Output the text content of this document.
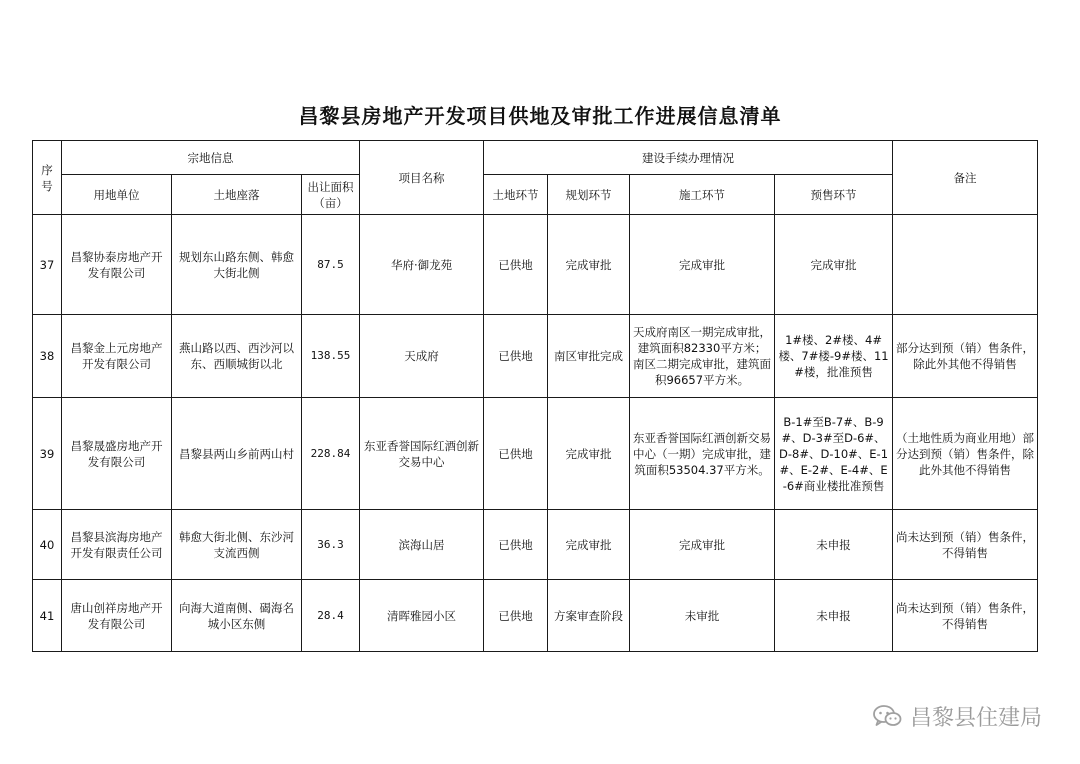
昌黎县房地产开发项目供地及审批工作进展信息清单
序号	宗地信息			项目名称	建设手续办理情况				备注
	用地单位	土地座落	出让面积（亩）		土地环节	规划环节	施工环节	预售环节	
37	昌黎协泰房地产开发有限公司	规划东山路东侧、韩愈大街北侧	87.5	华府·御龙苑	已供地	完成审批	完成审批	完成审批	
38	昌黎金上元房地产开发有限公司	燕山路以西、西沙河以东、西顺城街以北	138.55	天成府	已供地	南区审批完成	天成府南区一期完成审批，建筑面积82330平方米；南区二期完成审批，建筑面积96657平方米。	1#楼、2#楼、4#楼、7#楼-9#楼、11#楼，批准预售	部分达到预（销）售条件，除此外其他不得销售
39	昌黎晟盛房地产开发有限公司	昌黎县两山乡前两山村	228.84	东亚香誉国际红酒创新交易中心	已供地	完成审批	东亚香誉国际红酒创新交易中心（一期）完成审批，建筑面积53504.37平方米。	B-1#至B-7#、B-9#、D-3#至D-6#、D-8#、D-10#、E-1#、E-2#、E-4#、E-6#商业楼批准预售	（土地性质为商业用地）部分达到预（销）售条件，除此外其他不得销售
40	昌黎县滨海房地产开发有限责任公司	韩愈大街北侧、东沙河支流西侧	36.3	滨海山居	已供地	完成审批	完成审批	未申报	尚未达到预（销）售条件，不得销售
41	唐山创祥房地产开发有限公司	向海大道南侧、碣海名城小区东侧	28.4	清晖雅园小区	已供地	方案审查阶段	未审批	未申报	尚未达到预（销）售条件，不得销售
昌黎县住建局
